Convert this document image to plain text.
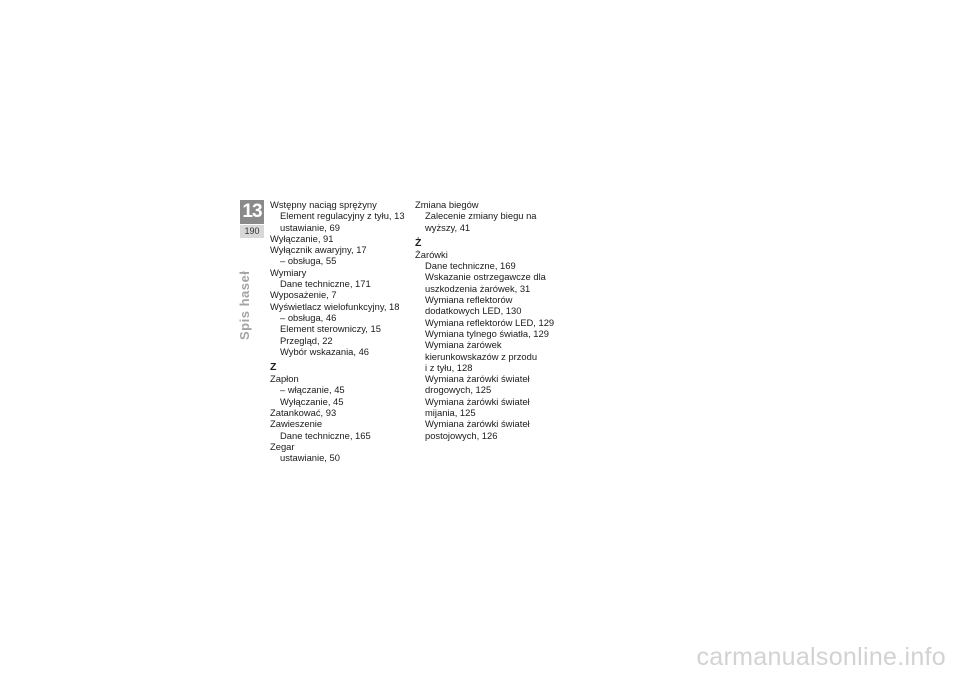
13
190
Spis haseł
Wstępny naciąg sprężyny
Element regulacyjny z tyłu, 13
ustawianie, 69
Wyłączanie, 91
Wyłącznik awaryjny, 17
– obsługa, 55
Wymiary
Dane techniczne, 171
Wyposażenie, 7
Wyświetlacz wielofunkcyjny, 18
– obsługa, 46
Element sterowniczy, 15
Przegląd, 22
Wybór wskazania, 46
Z
Zapłon
– włączanie, 45
Wyłączanie, 45
Zatankować, 93
Zawieszenie
Dane techniczne, 165
Zegar
ustawianie, 50
Zmiana biegów
Zalecenie zmiany biegu na
wyższy, 41
Ż
Żarówki
Dane techniczne, 169
Wskazanie ostrzegawcze dla
uszkodzenia żarówek, 31
Wymiana reflektorów
dodatkowych LED, 130
Wymiana reflektorów LED, 129
Wymiana tylnego światła, 129
Wymiana żarówek
kierunkowskazów z przodu
i z tyłu, 128
Wymiana żarówki świateł
drogowych, 125
Wymiana żarówki świateł
mijania, 125
Wymiana żarówki świateł
postojowych, 126
carmanualsonline.info
